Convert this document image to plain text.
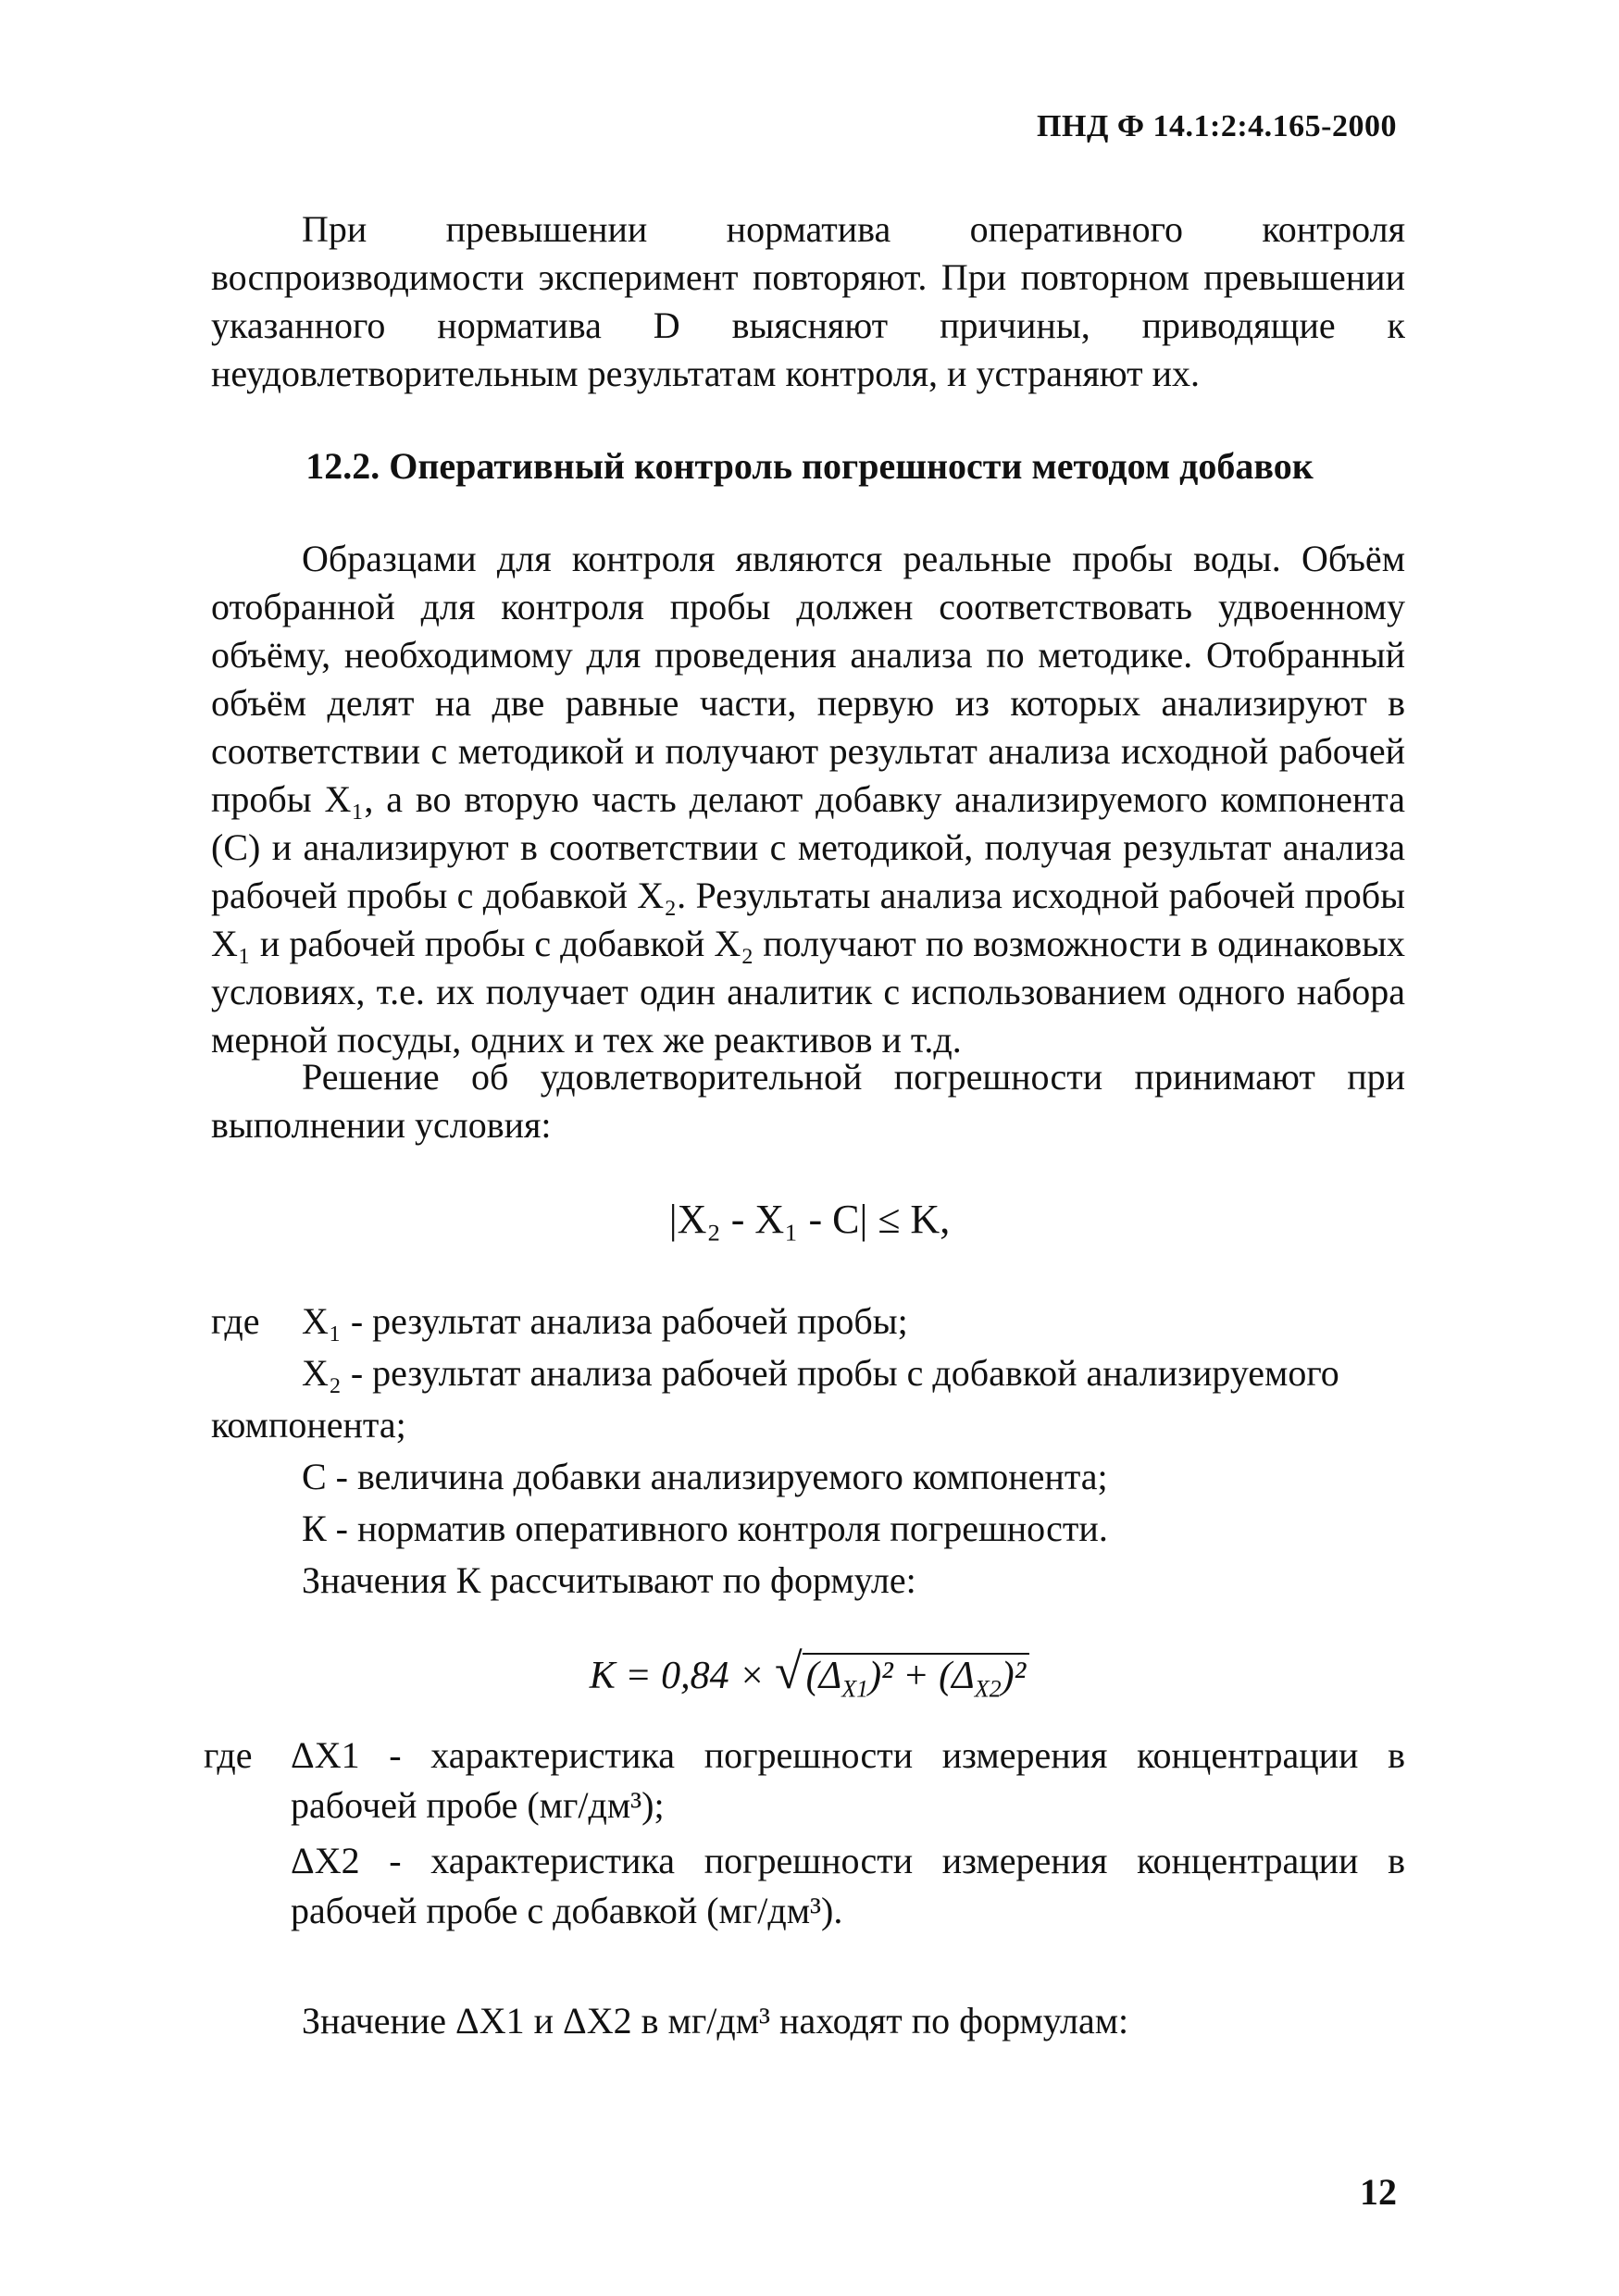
ПНД Ф 14.1:2:4.165-2000
При превышении норматива оперативного контроля воспроизводимости эксперимент повторяют. При повторном превышении указанного норматива D выясняют причины, приводящие к неудовлетворительным результатам контроля, и устраняют их.
12.2. Оперативный контроль погрешности методом добавок
Образцами для контроля являются реальные пробы воды. Объём отобранной для контроля пробы должен соответствовать удвоенному объёму, необходимому для проведения анализа по методике. Отобранный объём делят на две равные части, первую из которых анализируют в соответствии с методикой и получают результат анализа исходной рабочей пробы X₁, а во вторую часть делают добавку анализируемого компонента (С) и анализируют в соответствии с методикой, получая результат анализа рабочей пробы с добавкой X₂. Результаты анализа исходной рабочей пробы X₁ и рабочей пробы с добавкой X₂ получают по возможности в одинаковых условиях, т.е. их получает один аналитик с использованием одного набора мерной посуды, одних и тех же реактивов и т.д.
Решение об удовлетворительной погрешности принимают при выполнении условия:
|X₂ - X₁ - C| ≤ K,
где X₁ - результат анализа рабочей пробы;
X₂ - результат анализа рабочей пробы с добавкой анализируемого
компонента;
С - величина добавки анализируемого компонента;
К - норматив оперативного контроля погрешности.
Значения К рассчитывают по формуле:
$K = 0,84 \times √(\Delta_{X1})^2 + (\Delta_{X2})^2$
где ΔX1 - характеристика погрешности измерения концентрации в рабочей пробе (мг/дм³);
ΔX2 - характеристика погрешности измерения концентрации в рабочей пробе с добавкой (мг/дм³).
Значение ΔX1 и ΔX2 в мг/дм³ находят по формулам:
12
